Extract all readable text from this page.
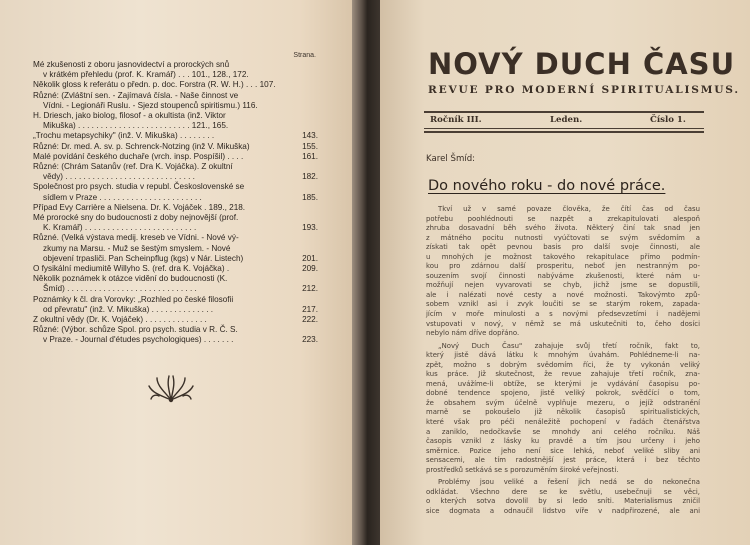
Strana.
Mé zkušenosti z oboru jasnovidectví a prorockých snů
v krátkém přehledu (prof. K. Kramář) . . . 101., 128., 172.
Několik gloss k referátu o předn. p. doc. Forstra (R. W. H.) . . . 107.
Různé: (Zvláštní sen. - Zajímavá čísla. - Naše činnost ve
Vídni. - Legionáři Ruslu. - Sjezd stoupenců spiritismu.) 116.
H. Driesch, jako biolog, filosof - a okultista (inž. Viktor
Mikuška) . . . . . . . . . . . . . . . . . . . . . . . . . 121., 165.
143.
„Trochu metapsychiky" (inž. V. Mikuška) . . . . . . . .
155.
Různé: Dr. med. A. sv. p. Schrenck-Notzing (inž V. Mikuška)
161.
Malé povídání českého duchaře (vrch. insp. Pospíšil) . . . .
Různé: (Chrám Satanův (ref. Dra K. Vojáčka). Z okultní
182.
vědy) . . . . . . . . . . . . . . . . . . . . . . . . . . . . .
Společnost pro psych. studia v republ. Československé se
185.
sídlem v Praze . . . . . . . . . . . . . . . . . . . . . . .
Případ Evy Carrière a Nielsena. Dr. K. Vojáček . 189., 218.
Mé prorocké sny do budoucnosti z doby nejnovější (prof.
193.
K. Kramář) . . . . . . . . . . . . . . . . . . . . . . . . .
Různé. (Velká výstava medij. kreseb ve Vídni. - Nové vý-
zkumy na Marsu. - Muž se šestým smyslem. - Nové
201.
objevení trpasliči. Pan Scheinpflug (kgs) v Nár. Listech)
209.
O fysikální mediumitě Willyho S. (ref. dra K. Vojáčka) .
Několik poznámek k otázce vidění do budoucnosti (K.
212.
Šmíd) . . . . . . . . . . . . . . . . . . . . . . . . . . . . .
Poznámky k čl. dra Vorovky: „Rozhled po české filosofii
217.
od převratu" (inž. V. Mikuška) . . . . . . . . . . . . . .
222.
Z okultní vědy (Dr. K. Vojáček) . . . . . . . . . . . . . .
Různé: (Výbor. schůze Spol. pro psych. studia v R. Č. S.
223.
v Praze. - Journal d'études psychologiques) . . . . . . .
NOVÝ DUCH ČASU
REVUE PRO MODERNÍ SPIRITUALISMUS.
Ročník III.	Leden.	Číslo 1.
Karel Šmíd:
Do nového roku - do nové práce.
Tkví už v samé povaze člověka, že čítí čas od času
potřebu poohlédnouti se nazpět a zrekapitulovati alespoň
zhruba dosavadní běh svého života. Některý činí tak snad jen
z mátného pocitu nutnosti vyúčtovati se svým svědomím a
získati tak opět pevnou basis pro další svoje činnosti, ale
u mnohých je možnost takového rekapitulace přímo podmín-
kou pro zdárnou další prosperitu, neboť jen nestranným po-
souzením svojí činnosti nabýváme zkušenosti, které nám u-
možňují nejen vyvarovati se chyb, jichž jsme se dopustili,
ale i nalézati nové cesty a nové možnosti. Takovýmto způ-
sobem vznikl asi i zvyk loučiti se se starým rokem, zapada-
jícím v moře minulosti a s novými předsevzetími i nadějemi
vstupovati v nový, v němž se má uskutečniti to, čeho dosíci
nebylo nám dříve dopřáno.
„Nový Duch Času" zahajuje svůj třetí ročník, fakt to,
který jistě dává látku k mnohým úvahám. Pohlédneme-li na-
zpět, možno s dobrým svědomím říci, že ty vykonán veliký
kus práce. Již skutečnost, že revue zahajuje třetí ročník, zna-
mená, uvážíme-li obtíže, se kterými je vydávání časopisu po-
dobné tendence spojeno, jistě veliký pokrok, svědčící o tom,
že obsahem svým účelně vyplňuje mezeru, o jejíž odstranění
marně se pokoušelo již několik časopisů spiritualistických,
které však pro péči nenáležitě pochopení v řadách čtenářstva
a zaniklo, nedočkavše se mnohdy ani celého ročníku. Náš
časopis vznikl z lásky ku pravdě a tím jsou určeny i jeho
směrnice. Pozice jeho není sice lehká, neboť veliké sliby ani
sensacemi, ale tím radostnější jest práce, která i bez těchto
prostředků setkává se s porozuměním široké veřejnosti.
Problémy jsou veliké a řešení jich nedá se do nekonečna
odkládat. Všechno dere se ke světlu, usebečnuji se věci,
o kterých sotva dovolil by si ledo sníti. Materialismus zničil
sice dogmata a odnaučil lidstvo víře v nadpřirozené, ale ani
